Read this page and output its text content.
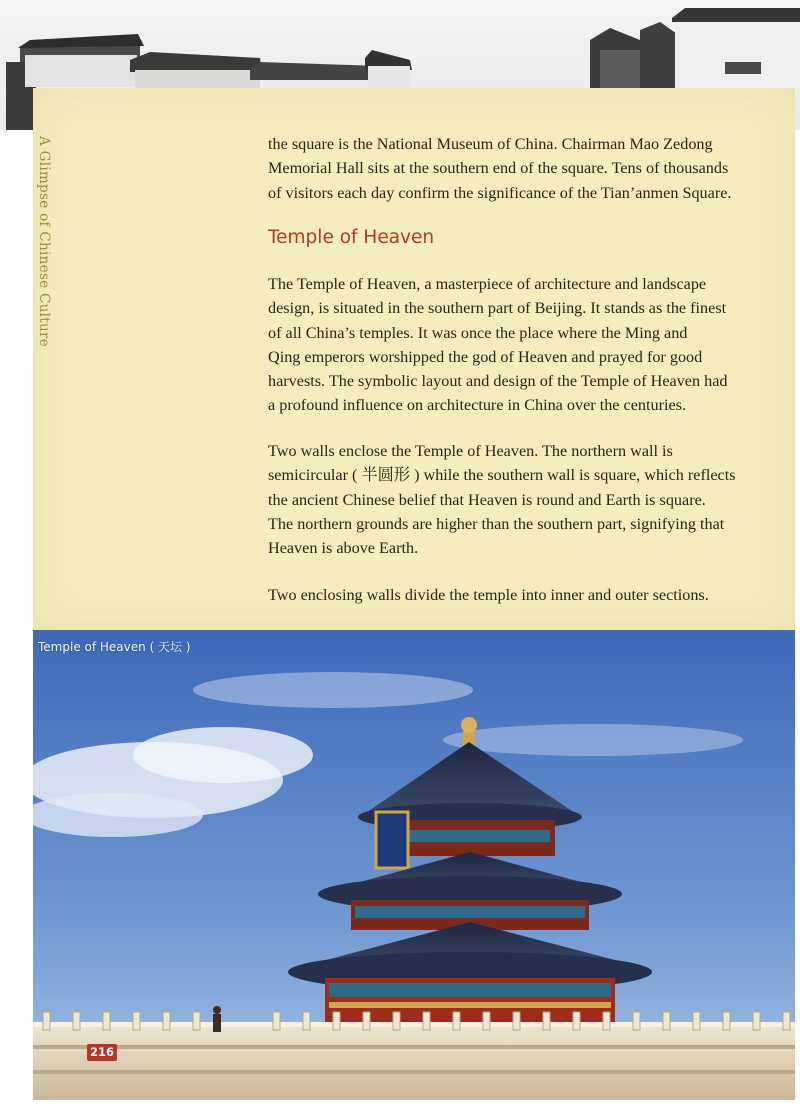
A Glimpse of Chinese Culture	the square is the National Museum of China. Chairman Mao Zedong
Memorial Hall sits at the southern end of the square. Tens of thousands
of visitors each day confirm the significance of the Tian’anmen Square.

Temple of Heaven

The Temple of Heaven, a masterpiece of architecture and landscape
design, is situated in the southern part of Beijing. It stands as the finest
of all China’s temples. It was once the place where the Ming and
Qing emperors worshipped the god of Heaven and prayed for good
harvests. The symbolic layout and design of the Temple of Heaven had
a profound influence on architecture in China over the centuries.

Two walls enclose the Temple of Heaven. The northern wall is
semicircular ( 半圆形 ) while the southern wall is square, which reflects
the ancient Chinese belief that Heaven is round and Earth is square.
The northern grounds are higher than the southern part, signifying that
Heaven is above Earth.

Two enclosing walls divide the temple into inner and outer sections.

Temple of Heaven ( 天坛 )
216
